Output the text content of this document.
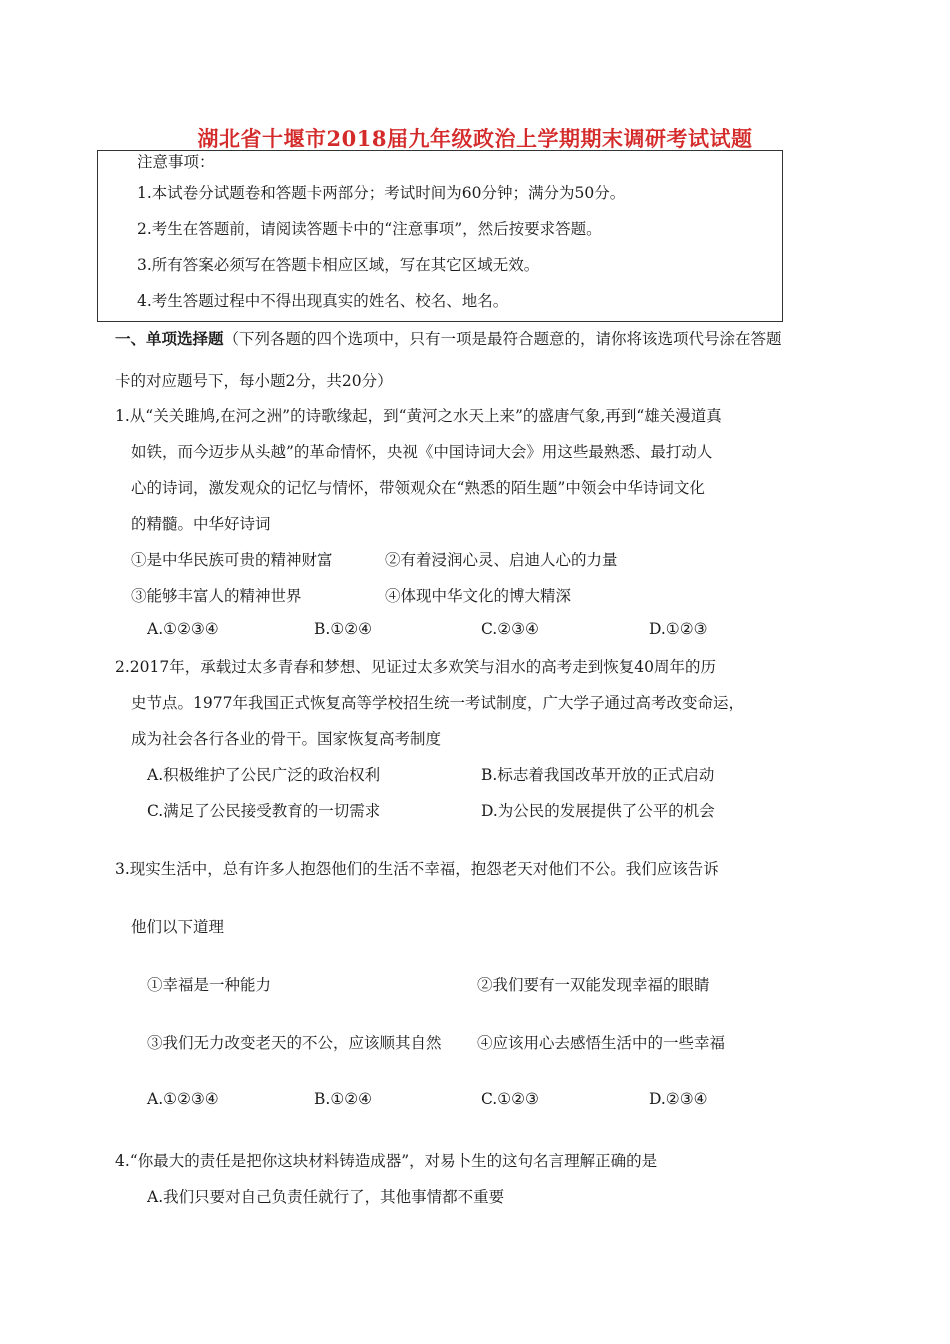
湖北省十堰市2018届九年级政治上学期期末调研考试试题
注意事项：
1.本试卷分试题卷和答题卡两部分；考试时间为60分钟；满分为50分。
2.考生在答题前，请阅读答题卡中的“注意事项”，然后按要求答题。
3.所有答案必须写在答题卡相应区域，写在其它区域无效。
4.考生答题过程中不得出现真实的姓名、校名、地名。
一、单项选择题（下列各题的四个选项中，只有一项是最符合题意的，请你将该选项代号涂在答题
卡的对应题号下，每小题2分，共20分）
1.从“关关雎鸠,在河之洲”的诗歌缘起，到“黄河之水天上来”的盛唐气象,再到“雄关漫道真
如铁，而今迈步从头越”的革命情怀，央视《中国诗词大会》用这些最熟悉、最打动人
心的诗词，激发观众的记忆与情怀，带领观众在“熟悉的陌生题”中领会中华诗词文化
的精髓。中华好诗词
①是中华民族可贵的精神财富	②有着浸润心灵、启迪人心的力量
③能够丰富人的精神世界	④体现中华文化的博大精深
A.①②③④	B.①②④	C.②③④	D.①②③
2.2017年，承载过太多青春和梦想、见证过太多欢笑与泪水的高考走到恢复40周年的历
史节点。1977年我国正式恢复高等学校招生统一考试制度，广大学子通过高考改变命运，
成为社会各行各业的骨干。国家恢复高考制度
A.积极维护了公民广泛的政治权利	B.标志着我国改革开放的正式启动
C.满足了公民接受教育的一切需求	D.为公民的发展提供了公平的机会
3.现实生活中，总有许多人抱怨他们的生活不幸福，抱怨老天对他们不公。我们应该告诉
他们以下道理
①幸福是一种能力	②我们要有一双能发现幸福的眼睛
③我们无力改变老天的不公，应该顺其自然 ④应该用心去感悟生活中的一些幸福
A.①②③④	B.①②④	C.①②③	D.②③④
4.“你最大的责任是把你这块材料铸造成器”，对易卜生的这句名言理解正确的是
A.我们只要对自己负责任就行了，其他事情都不重要
